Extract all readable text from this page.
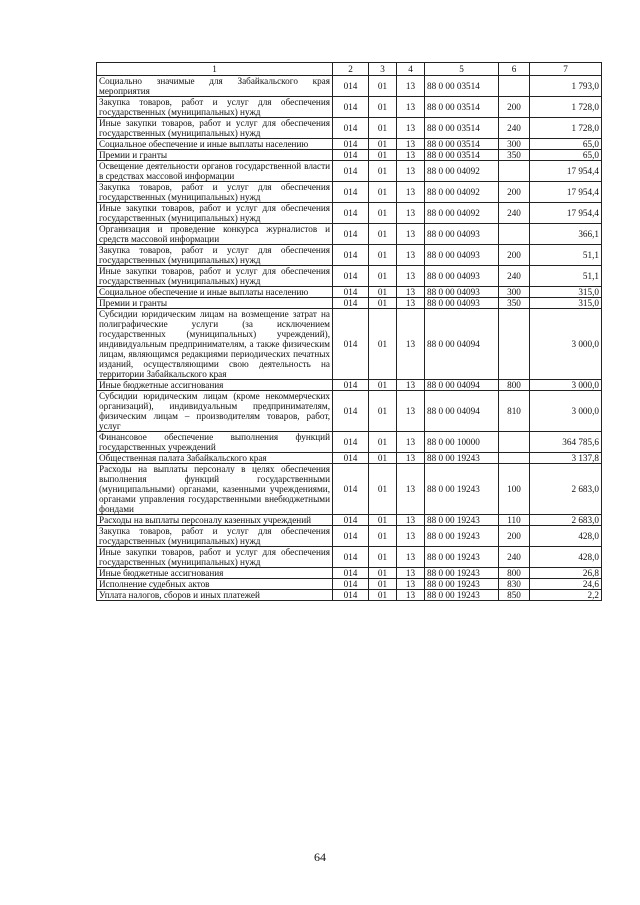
1	2	3	4	5	6	7
Социально значимые для Забайкальского края мероприятия	014	01	13	88 0 00 03514		1 793,0
Закупка товаров, работ и услуг для обеспечения государственных (муниципальных) нужд	014	01	13	88 0 00 03514	200	1 728,0
Иные закупки товаров, работ и услуг для обеспечения государственных (муниципальных) нужд	014	01	13	88 0 00 03514	240	1 728,0
Социальное обеспечение и иные выплаты населению	014	01	13	88 0 00 03514	300	65,0
Премии и гранты	014	01	13	88 0 00 03514	350	65,0
Освещение деятельности органов государственной власти в средствах массовой информации	014	01	13	88 0 00 04092		17 954,4
Закупка товаров, работ и услуг для обеспечения государственных (муниципальных) нужд	014	01	13	88 0 00 04092	200	17 954,4
Иные закупки товаров, работ и услуг для обеспечения государственных (муниципальных) нужд	014	01	13	88 0 00 04092	240	17 954,4
Организация и проведение конкурса журналистов и средств массовой информации	014	01	13	88 0 00 04093		366,1
Закупка товаров, работ и услуг для обеспечения государственных (муниципальных) нужд	014	01	13	88 0 00 04093	200	51,1
Иные закупки товаров, работ и услуг для обеспечения государственных (муниципальных) нужд	014	01	13	88 0 00 04093	240	51,1
Социальное обеспечение и иные выплаты населению	014	01	13	88 0 00 04093	300	315,0
Премии и гранты	014	01	13	88 0 00 04093	350	315,0
Субсидии юридическим лицам на возмещение затрат на полиграфические услуги (за исключением государственных (муниципальных) учреждений), индивидуальным предпринимателям, а также физическим лицам, являющимся редакциями периодических печатных изданий, осуществляющими свою деятельность на территории Забайкальского края	014	01	13	88 0 00 04094		3 000,0
Иные бюджетные ассигнования	014	01	13	88 0 00 04094	800	3 000,0
Субсидии юридическим лицам (кроме некоммерческих организаций), индивидуальным предпринимателям, физическим лицам – производителям товаров, работ, услуг	014	01	13	88 0 00 04094	810	3 000,0
Финансовое обеспечение выполнения функций государственных учреждений	014	01	13	88 0 00 10000		364 785,6
Общественная палата Забайкальского края	014	01	13	88 0 00 19243		3 137,8
Расходы на выплаты персоналу в целях обеспечения выполнения функций государственными (муниципальными) органами, казенными учреждениями, органами управления государственными внебюджетными фондами	014	01	13	88 0 00 19243	100	2 683,0
Расходы на выплаты персоналу казенных учреждений	014	01	13	88 0 00 19243	110	2 683,0
Закупка товаров, работ и услуг для обеспечения государственных (муниципальных) нужд	014	01	13	88 0 00 19243	200	428,0
Иные закупки товаров, работ и услуг для обеспечения государственных (муниципальных) нужд	014	01	13	88 0 00 19243	240	428,0
Иные бюджетные ассигнования	014	01	13	88 0 00 19243	800	26,8
Исполнение судебных актов	014	01	13	88 0 00 19243	830	24,6
Уплата налогов, сборов и иных платежей	014	01	13	88 0 00 19243	850	2,2
64
